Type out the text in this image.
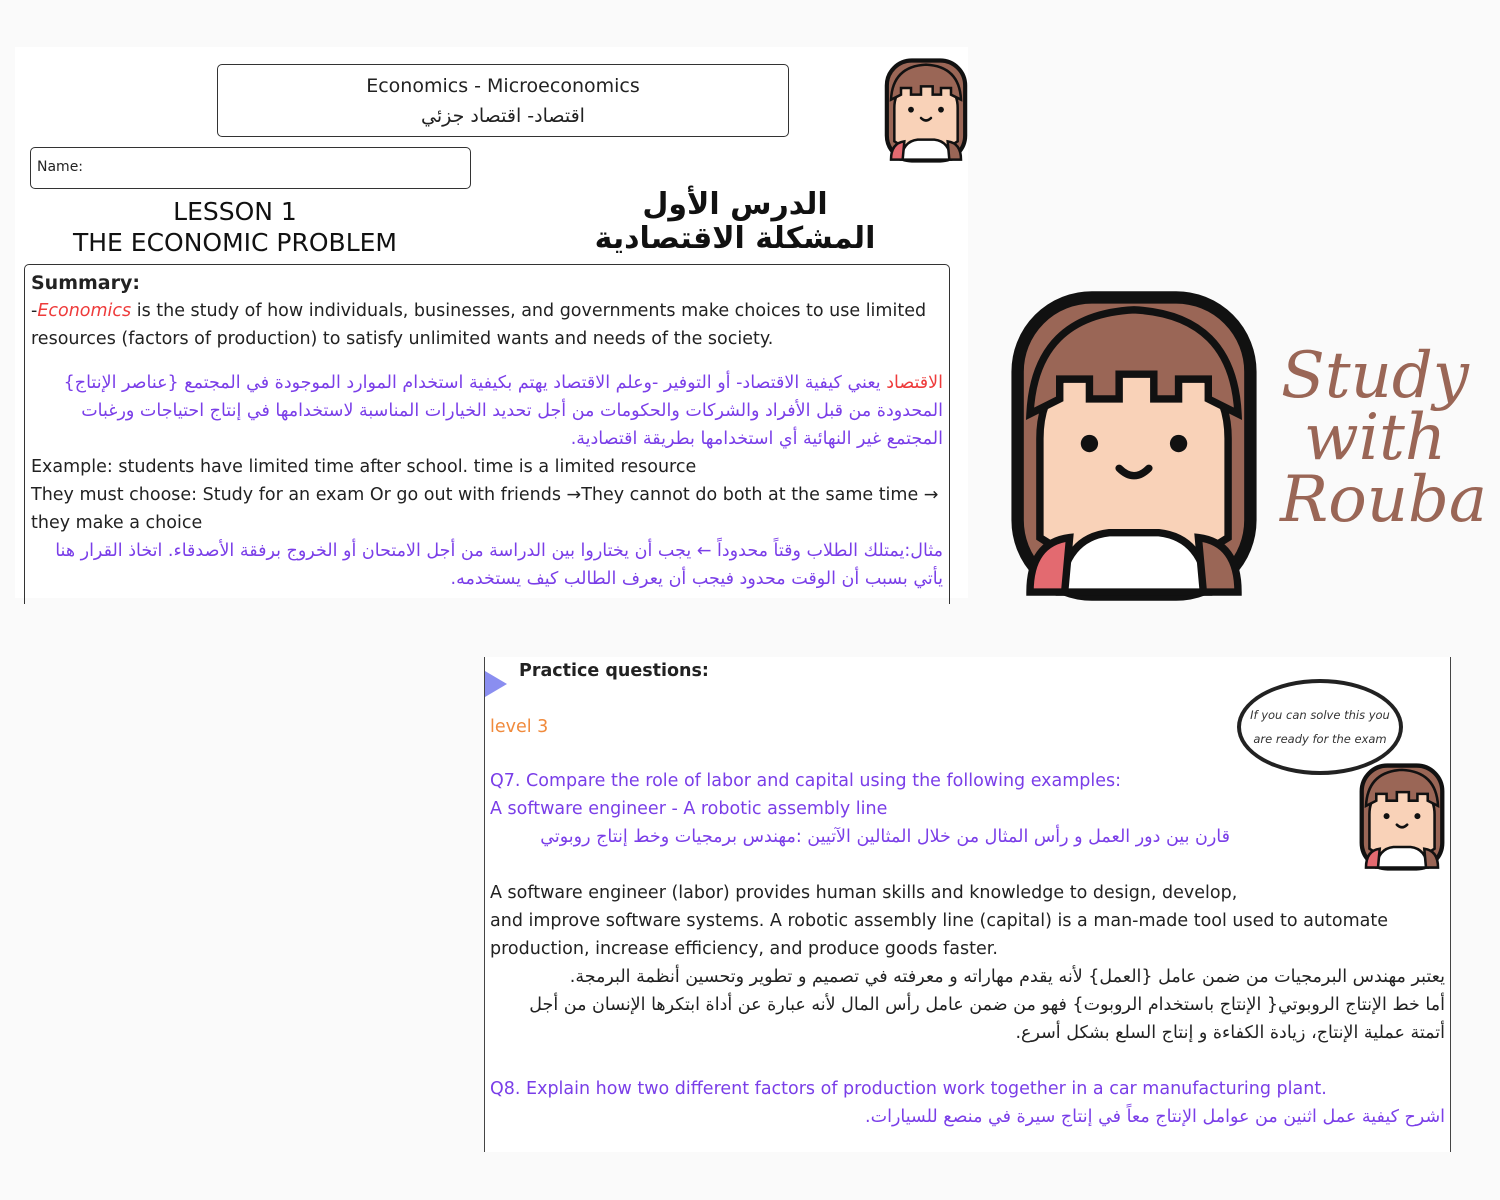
Economics - Microeconomics
اقتصاد- اقتصاد جزئي
Name:
LESSON 1
THE ECONOMIC PROBLEM
الدرس الأول
المشكلة الاقتصادية
Summary:
-Economics is the study of how individuals, businesses, and governments make choices to use limited resources (factors of production) to satisfy unlimited wants and needs of the society.
الاقتصاد يعني كيفية الاقتصاد- أو التوفير -وعلم الاقتصاد يهتم بكيفية استخدام الموارد الموجودة في المجتمع {عناصر الإنتاج} المحدودة من قبل الأفراد والشركات والحكومات من أجل تحديد الخيارات المناسبة لاستخدامها في إنتاج احتياجات ورغبات المجتمع غير النهائية أي استخدامها بطريقة اقتصادية.
Example: students have limited time after school. time is a limited resource
They must choose: Study for an exam Or go out with friends →They cannot do both at the same time → they make a choice
مثال:يمتلك الطلاب وقتاً محدوداً ← يجب أن يختاروا بين الدراسة من أجل الامتحان أو الخروج برفقة الأصدقاء. اتخاذ القرار هنا يأتي بسبب أن الوقت محدود فيجب أن يعرف الطالب كيف يستخدمه.
Study
with
Rouba
Practice questions:
level 3
If you can solve this you are ready for the exam
Q7. Compare the role of labor and capital using the following examples:
A software engineer - A robotic assembly line
قارن بين دور العمل و رأس المثال من خلال المثالين الآتيين :مهندس برمجيات وخط إنتاج روبوتي
A software engineer (labor) provides human skills and knowledge to design, develop,
and improve software systems. A robotic assembly line (capital) is a man-made tool used to automate production, increase efficiency, and produce goods faster.
يعتبر مهندس البرمجيات من ضمن عامل {العمل} لأنه يقدم مهاراته و معرفته في تصميم و تطوير وتحسين أنظمة البرمجة.
أما خط الإنتاج الروبوتي{ الإنتاج باستخدام الروبوت} فهو من ضمن عامل رأس المال لأنه عبارة عن أداة ابتكرها الإنسان من أجل أتمتة عملية الإنتاج، زيادة الكفاءة و إنتاج السلع بشكل أسرع.
Q8. Explain how two different factors of production work together in a car manufacturing plant.
اشرح كيفية عمل اثنين من عوامل الإنتاج معاً في إنتاج سيرة في منصع للسيارات.
